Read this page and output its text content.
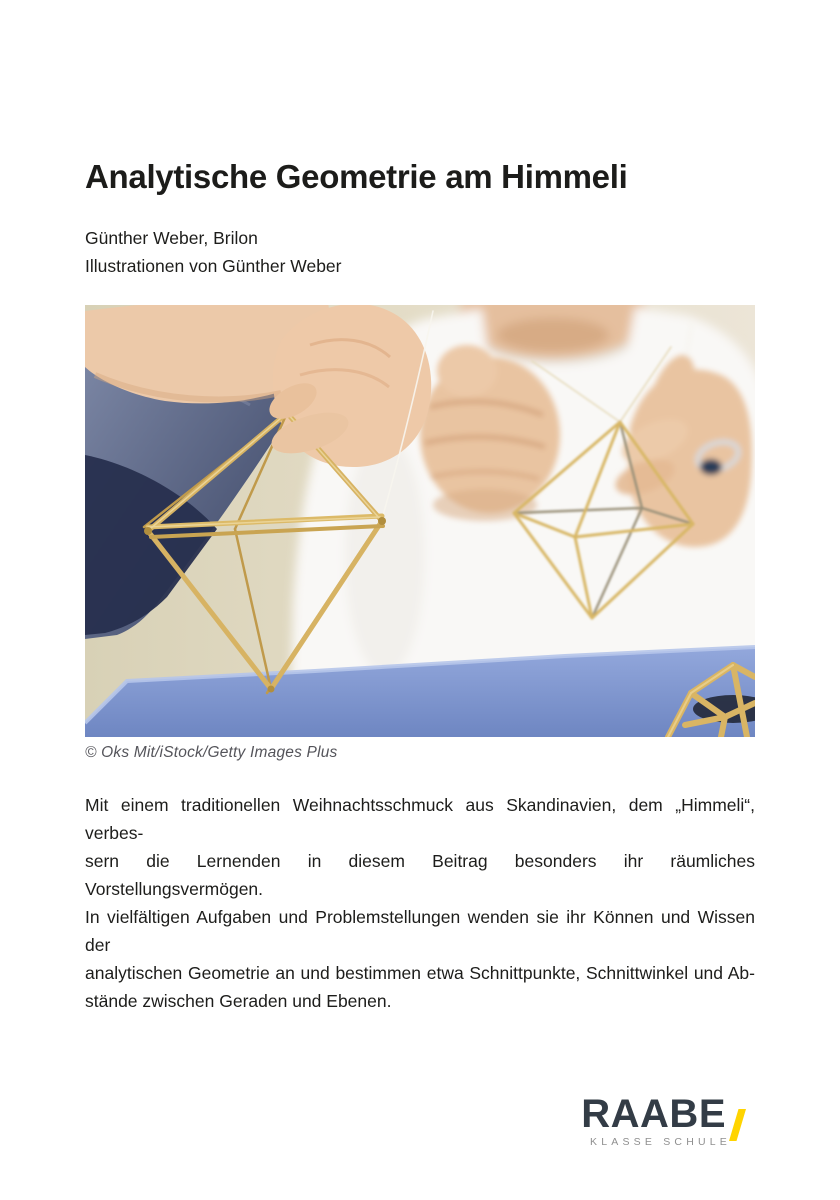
Analytische Geometrie am Himmeli
Günther Weber, Brilon
Illustrationen von Günther Weber
© Oks Mit/iStock/Getty Images Plus
Mit einem traditionellen Weihnachtsschmuck aus Skandinavien, dem „Himmeli“, verbes-
sern die Lernenden in diesem Beitrag besonders ihr räumliches Vorstellungsvermögen.
In vielfältigen Aufgaben und Problemstellungen wenden sie ihr Können und Wissen der
analytischen Geometrie an und bestimmen etwa Schnittpunkte, Schnittwinkel und Ab-
stände zwischen Geraden und Ebenen.
RAABE
KLASSE SCHULE
